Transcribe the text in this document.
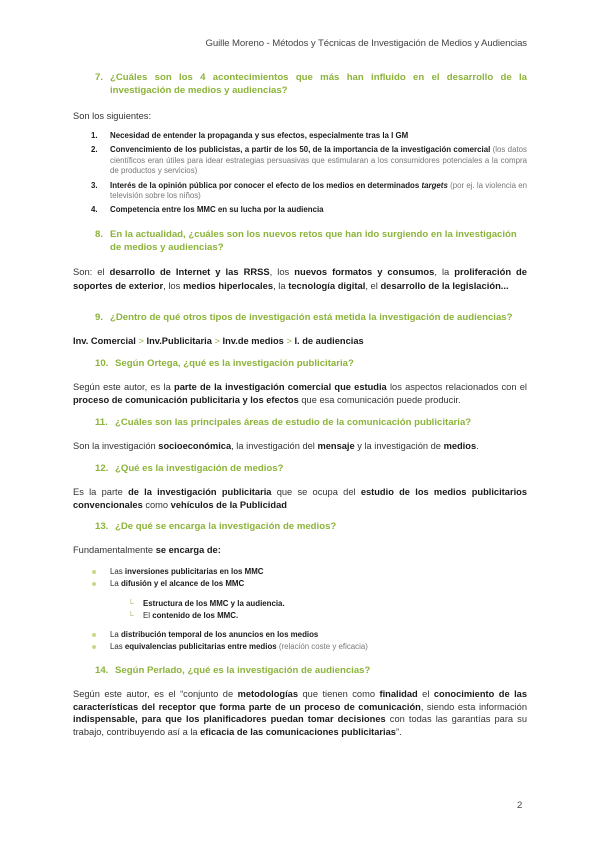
Guille Moreno - Métodos y Técnicas de Investigación de Medios y Audiencias
7. ¿Cuáles son los 4 acontecimientos que más han influido en el desarrollo de la investigación de medios y audiencias?
Son los siguientes:
1. Necesidad de entender la propaganda y sus efectos, especialmente tras la I GM
2. Convencimiento de los publicistas, a partir de los 50, de la importancia de la investigación comercial (los datos científicos eran útiles para idear estrategias persuasivas que estimularan a los consumidores potenciales a la compra de productos y servicios)
3. Interés de la opinión pública por conocer el efecto de los medios en determinados targets (por ej. la violencia en televisión sobre los niños)
4. Competencia entre los MMC en su lucha por la audiencia
8. En la actualidad, ¿cuáles son los nuevos retos que han ido surgiendo en la investigación de medios y audiencias?
Son: el desarrollo de Internet y las RRSS, los nuevos formatos y consumos, la proliferación de soportes de exterior, los medios hiperlocales, la tecnología digital, el desarrollo de la legislación...
9. ¿Dentro de qué otros tipos de investigación está metida la investigación de audiencias?
Inv. Comercial > Inv.Publicitaria > Inv.de medios > I. de audiencias
10. Según Ortega, ¿qué es la investigación publicitaria?
Según este autor, es la parte de la investigación comercial que estudia los aspectos relacionados con el proceso de comunicación publicitaria y los efectos que esa comunicación puede producir.
11. ¿Cuáles son las principales áreas de estudio de la comunicación publicitaria?
Son la investigación socioeconómica, la investigación del mensaje y la investigación de medios.
12. ¿Qué es la investigación de medios?
Es la parte de la investigación publicitaria que se ocupa del estudio de los medios publicitarios convencionales como vehículos de la Publicidad
13. ¿De qué se encarga la investigación de medios?
Fundamentalmente se encarga de:
Las inversiones publicitarias en los MMC
La difusión y el alcance de los MMC
└ Estructura de los MMC y la audiencia.
└ El contenido de los MMC.
La distribución temporal de los anuncios en los medios
Las equivalencias publicitarias entre medios (relación coste y eficacia)
14. Según Perlado, ¿qué es la investigación de audiencias?
Según este autor, es el “conjunto de metodologías que tienen como finalidad el conocimiento de las características del receptor que forma parte de un proceso de comunicación, siendo esta información indispensable, para que los planificadores puedan tomar decisiones con todas las garantías para su trabajo, contribuyendo así a la eficacia de las comunicaciones publicitarias”.
2
